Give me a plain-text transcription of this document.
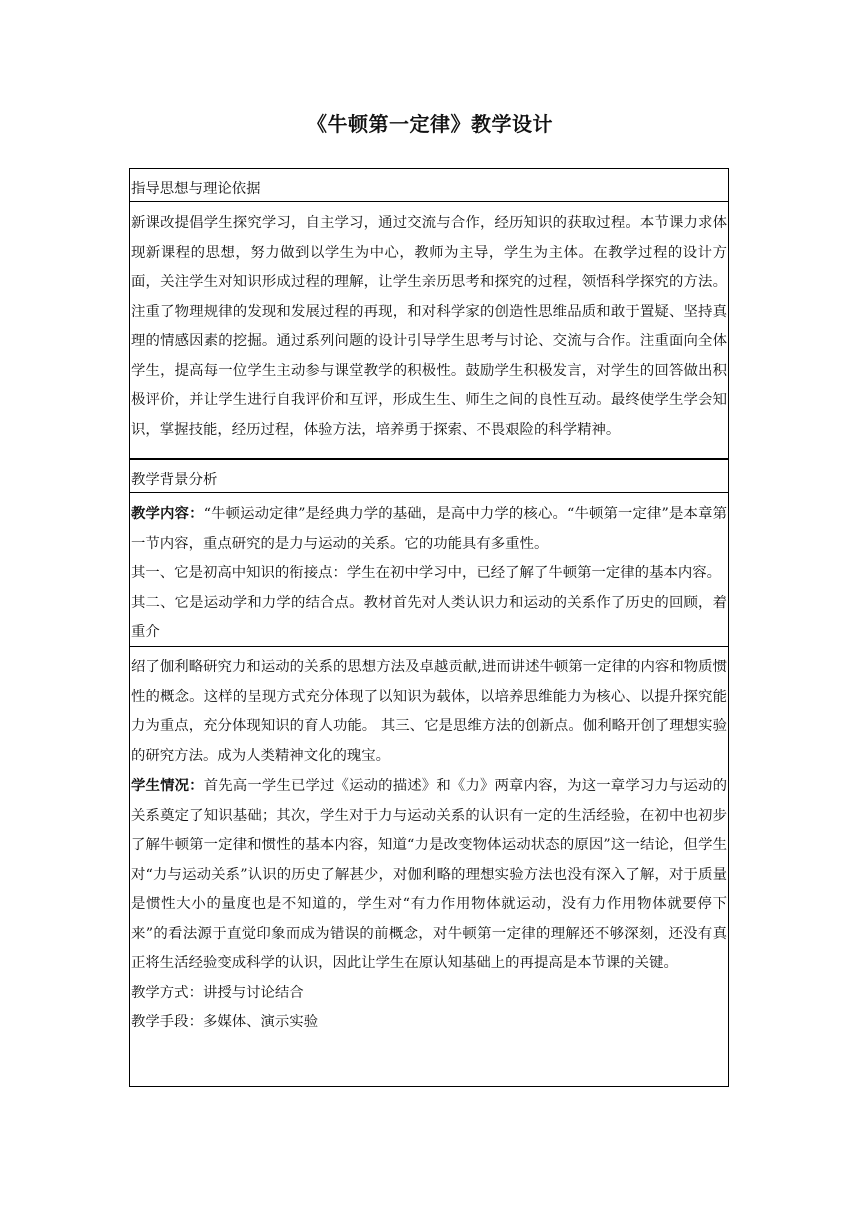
《牛顿第一定律》教学设计
指导思想与理论依据

新课改提倡学生探究学习，自主学习，通过交流与合作，经历知识的获取过程。本节课力求体现新课程的思想，努力做到以学生为中心，教师为主导，学生为主体。在教学过程的设计方面，关注学生对知识形成过程的理解，让学生亲历思考和探究的过程，领悟科学探究的方法。注重了物理规律的发现和发展过程的再现，和对科学家的创造性思维品质和敢于置疑、坚持真理的情感因素的挖掘。通过系列问题的设计引导学生思考与讨论、交流与合作。注重面向全体学生，提高每一位学生主动参与课堂教学的积极性。鼓励学生积极发言，对学生的回答做出积极评价，并让学生进行自我评价和互评，形成生生、师生之间的良性互动。最终使学生学会知识，掌握技能，经历过程，体验方法，培养勇于探索、不畏艰险的科学精神。

教学背景分析

教学内容：“牛顿运动定律”是经典力学的基础，是高中力学的核心。“牛顿第一定律”是本章第一节内容，重点研究的是力与运动的关系。它的功能具有多重性。

其一、它是初高中知识的衔接点：学生在初中学习中，已经了解了牛顿第一定律的基本内容。

其二、它是运动学和力学的结合点。教材首先对人类认识力和运动的关系作了历史的回顾，着重介

绍了伽利略研究力和运动的关系的思想方法及卓越贡献,进而讲述牛顿第一定律的内容和物质惯性的概念。这样的呈现方式充分体现了以知识为载体，以培养思维能力为核心、以提升探究能力为重点，充分体现知识的育人功能。 其三、它是思维方法的创新点。伽利略开创了理想实验的研究方法。成为人类精神文化的瑰宝。

学生情况：首先高一学生已学过《运动的描述》和《力》两章内容，为这一章学习力与运动的关系奠定了知识基础；其次，学生对于力与运动关系的认识有一定的生活经验，在初中也初步了解牛顿第一定律和惯性的基本内容，知道“力是改变物体运动状态的原因”这一结论，但学生对“力与运动关系”认识的历史了解甚少，对伽利略的理想实验方法也没有深入了解，对于质量是惯性大小的量度也是不知道的，学生对“有力作用物体就运动，没有力作用物体就要停下来”的看法源于直觉印象而成为错误的前概念，对牛顿第一定律的理解还不够深刻，还没有真正将生活经验变成科学的认识，因此让学生在原认知基础上的再提高是本节课的关键。

教学方式：讲授与讨论结合

教学手段：多媒体、演示实验
